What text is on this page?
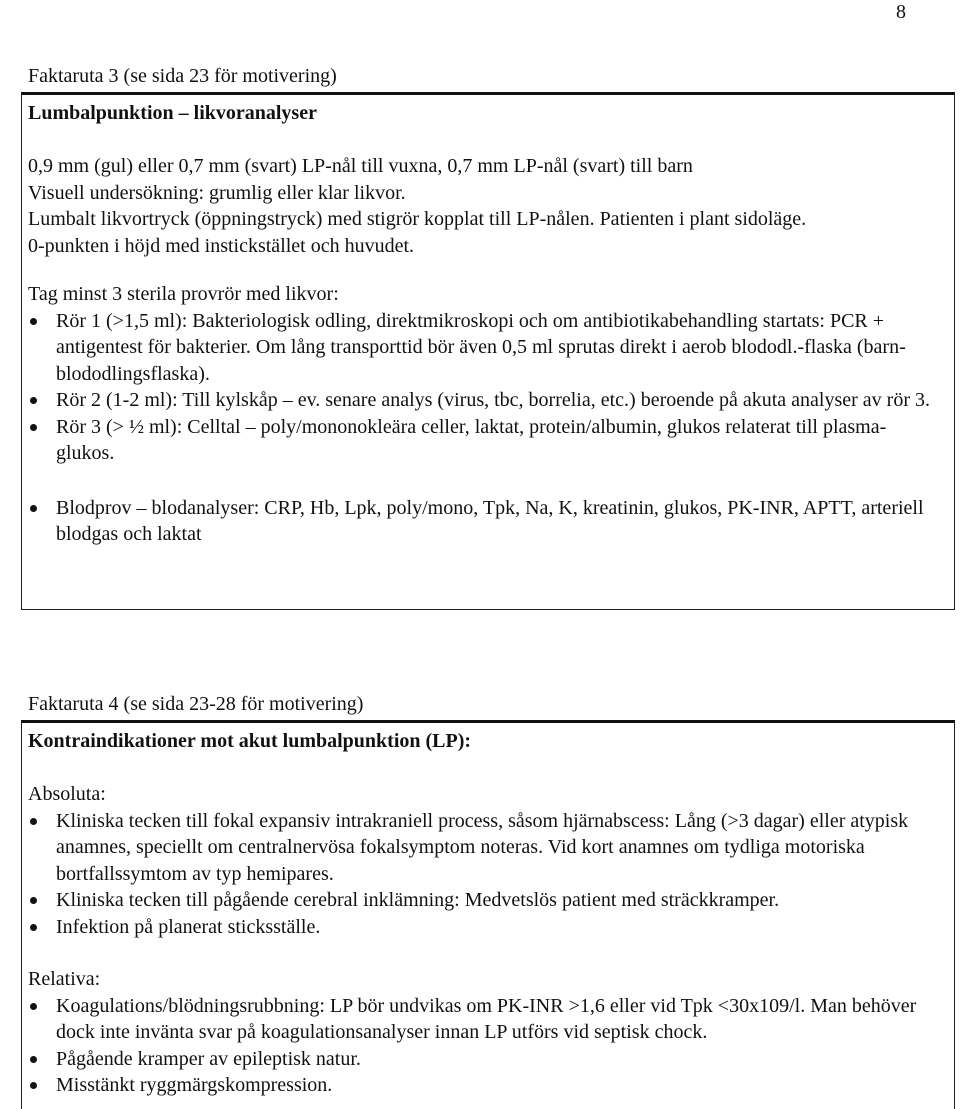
8
Faktaruta 3 (se sida 23 för motivering)

Lumbalpunktion – likvoranalyser

0,9 mm (gul) eller 0,7 mm (svart) LP-nål till vuxna, 0,7 mm LP-nål (svart) till barn

Visuell undersökning: grumlig eller klar likvor.

Lumbalt likvortryck (öppningstryck) med stigrör kopplat till LP-nålen. Patienten i plant sidoläge.

0-punkten i höjd med instickstället och huvudet.

Tag minst 3 sterila provrör med likvor:

Rör 1 (>1,5 ml): Bakteriologisk odling, direktmikroskopi och om antibiotikabehandling startats: PCR + antigentest för bakterier. Om lång transporttid bör även 0,5 ml sprutas direkt i aerob blododl.-flaska (barn-blododlingsflaska).
Rör 2 (1-2 ml): Till kylskåp – ev. senare analys (virus, tbc, borrelia, etc.) beroende på akuta analyser av rör 3.
Rör 3 (> ½ ml): Celltal – poly/mononokleära celler, laktat, protein/albumin, glukos relaterat till plasma-glukos.
Blodprov – blodanalyser: CRP, Hb, Lpk, poly/mono, Tpk, Na, K, kreatinin, glukos, PK-INR, APTT, arteriell blodgas och laktat
Faktaruta 4 (se sida 23-28 för motivering)

Kontraindikationer mot akut lumbalpunktion (LP):

Absoluta:

Kliniska tecken till fokal expansiv intrakraniell process, såsom hjärnabscess: Lång (>3 dagar) eller atypisk anamnes, speciellt om centralnervösa fokalsymptom noteras. Vid kort anamnes om tydliga motoriska bortfallssymtom av typ hemipares.
Kliniska tecken till pågående cerebral inklämning: Medvetslös patient med sträckkramper.
Infektion på planerat sticksställe.

Relativa:

Koagulations/blödningsrubbning: LP bör undvikas om PK-INR >1,6 eller vid Tpk <30x109/l. Man behöver dock inte invänta svar på koagulationsanalyser innan LP utförs vid septisk chock.
Pågående kramper av epileptisk natur.
Misstänkt ryggmärgskompression.
